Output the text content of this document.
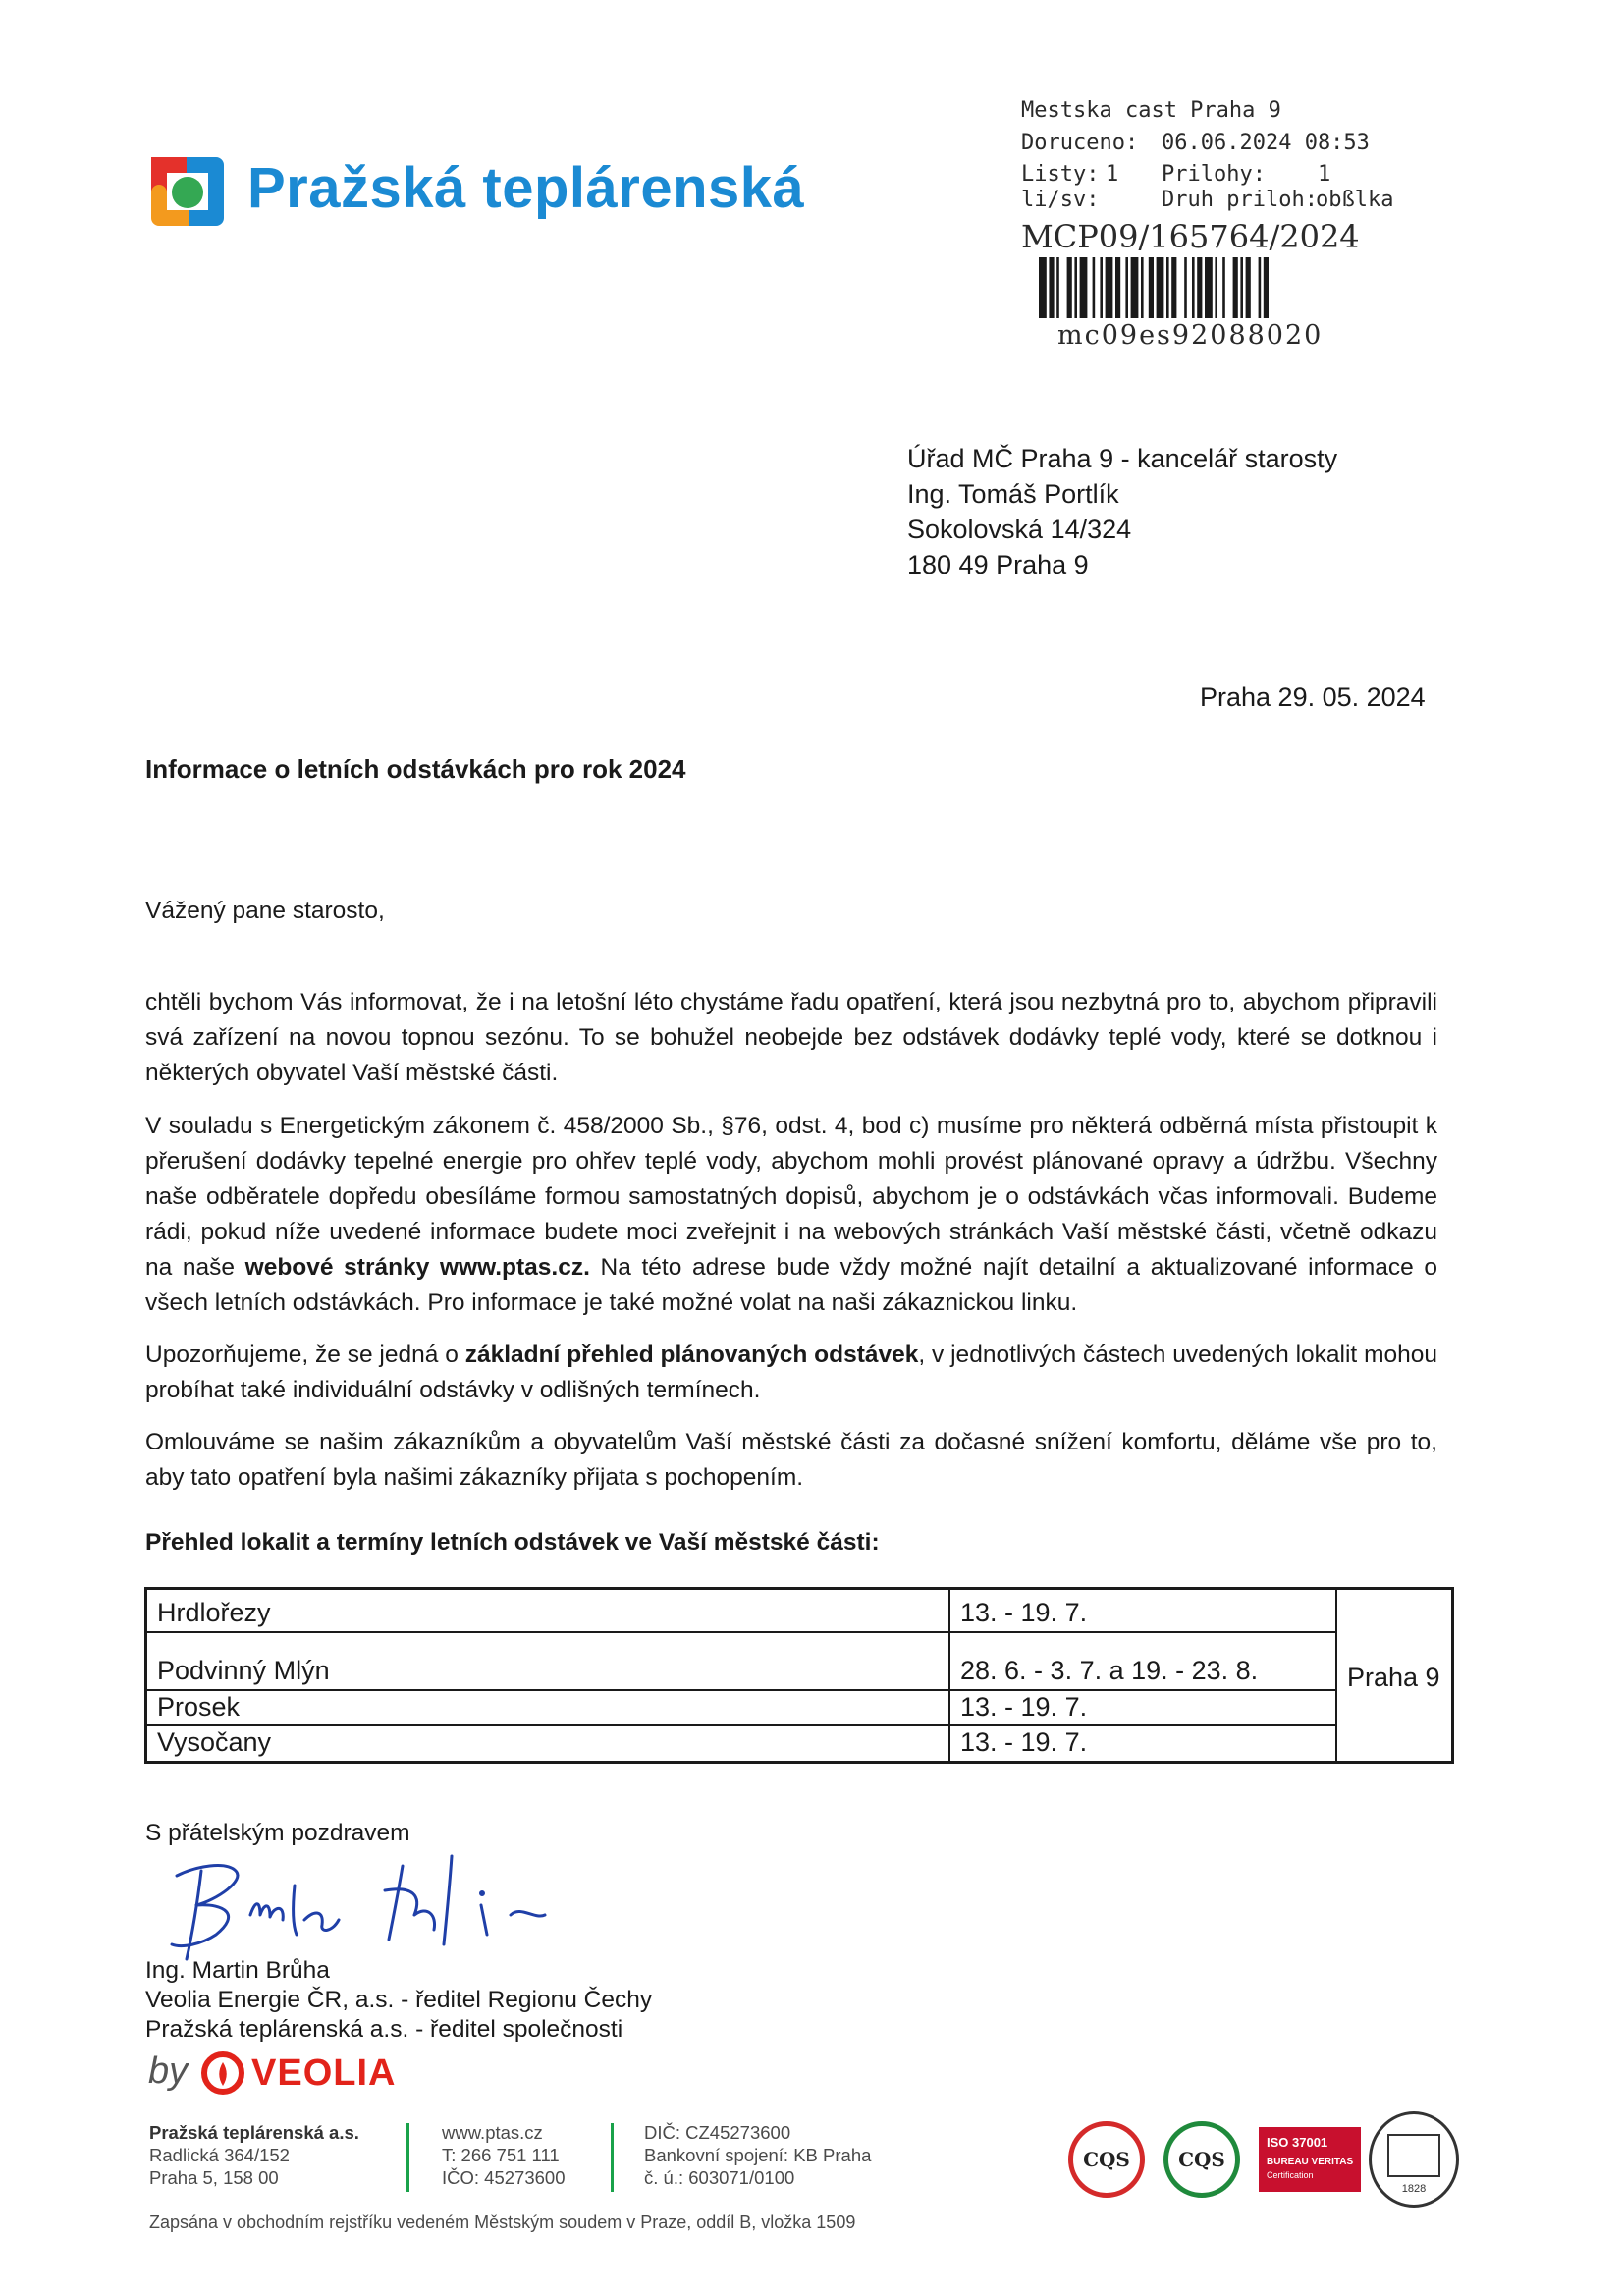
Pražská teplárenská
Mestska cast Praha 9
Doruceno: 06.06.2024 08:53
Listy: 1 Prilohy: 1
li/sv:	Druh priloh:
obßlka
MCP09/165764/2024
mc09es92088020
Úřad MČ Praha 9 - kancelář starosty
Ing. Tomáš Portlík
Sokolovská 14/324
180 49 Praha 9
Praha 29. 05. 2024
Informace o letních odstávkách pro rok 2024
Vážený pane starosto,
chtěli bychom Vás informovat, že i na letošní léto chystáme řadu opatření, která jsou nezbytná pro to, abychom připravili svá zařízení na novou topnou sezónu. To se bohužel neobejde bez odstávek dodávky teplé vody, které se dotknou i některých obyvatel Vaší městské části.
V souladu s Energetickým zákonem č. 458/2000 Sb., §76, odst. 4, bod c) musíme pro některá odběrná místa přistoupit k přerušení dodávky tepelné energie pro ohřev teplé vody, abychom mohli provést plánované opravy a údržbu. Všechny naše odběratele dopředu obesíláme formou samostatných dopisů, abychom je o odstávkách včas informovali. Budeme rádi, pokud níže uvedené informace budete moci zveřejnit i na webových stránkách Vaší městské části, včetně odkazu na naše webové stránky www.ptas.cz. Na této adrese bude vždy možné najít detailní a aktualizované informace o všech letních odstávkách. Pro informace je také možné volat na naši zákaznickou linku.
Upozorňujeme, že se jedná o základní přehled plánovaných odstávek, v jednotlivých částech uvedených lokalit mohou probíhat také individuální odstávky v odlišných termínech.
Omlouváme se našim zákazníkům a obyvatelům Vaší městské části za dočasné snížení komfortu, děláme vše pro to, aby tato opatření byla našimi zákazníky přijata s pochopením.
Přehled lokalit a termíny letních odstávek ve Vaší městské části:
Hrdlořezy	13. - 19. 7.
Podvinný Mlýn	28. 6. - 3. 7. a 19. - 23. 8.
Prosek	13. - 19. 7.
Vysočany	13. - 19. 7.
Praha 9
S přátelským pozdravem
Ing. Martin Brůha
Veolia Energie ČR, a.s. - ředitel Regionu Čechy
Pražská teplárenská a.s. - ředitel společnosti
by VEOLIA
Pražská teplárenská a.s.
Radlická 364/152
Praha 5, 158 00
www.ptas.cz
T: 266 751 111
IČO: 45273600
DIČ: CZ45273600
Bankovní spojení: KB Praha
č. ú.: 603071/0100
Zapsána v obchodním rejstříku vedeném Městským soudem v Praze, oddíl B, vložka 1509
CQS	CQS
ISO 37001
BUREAU VERITAS
Certification
1828
